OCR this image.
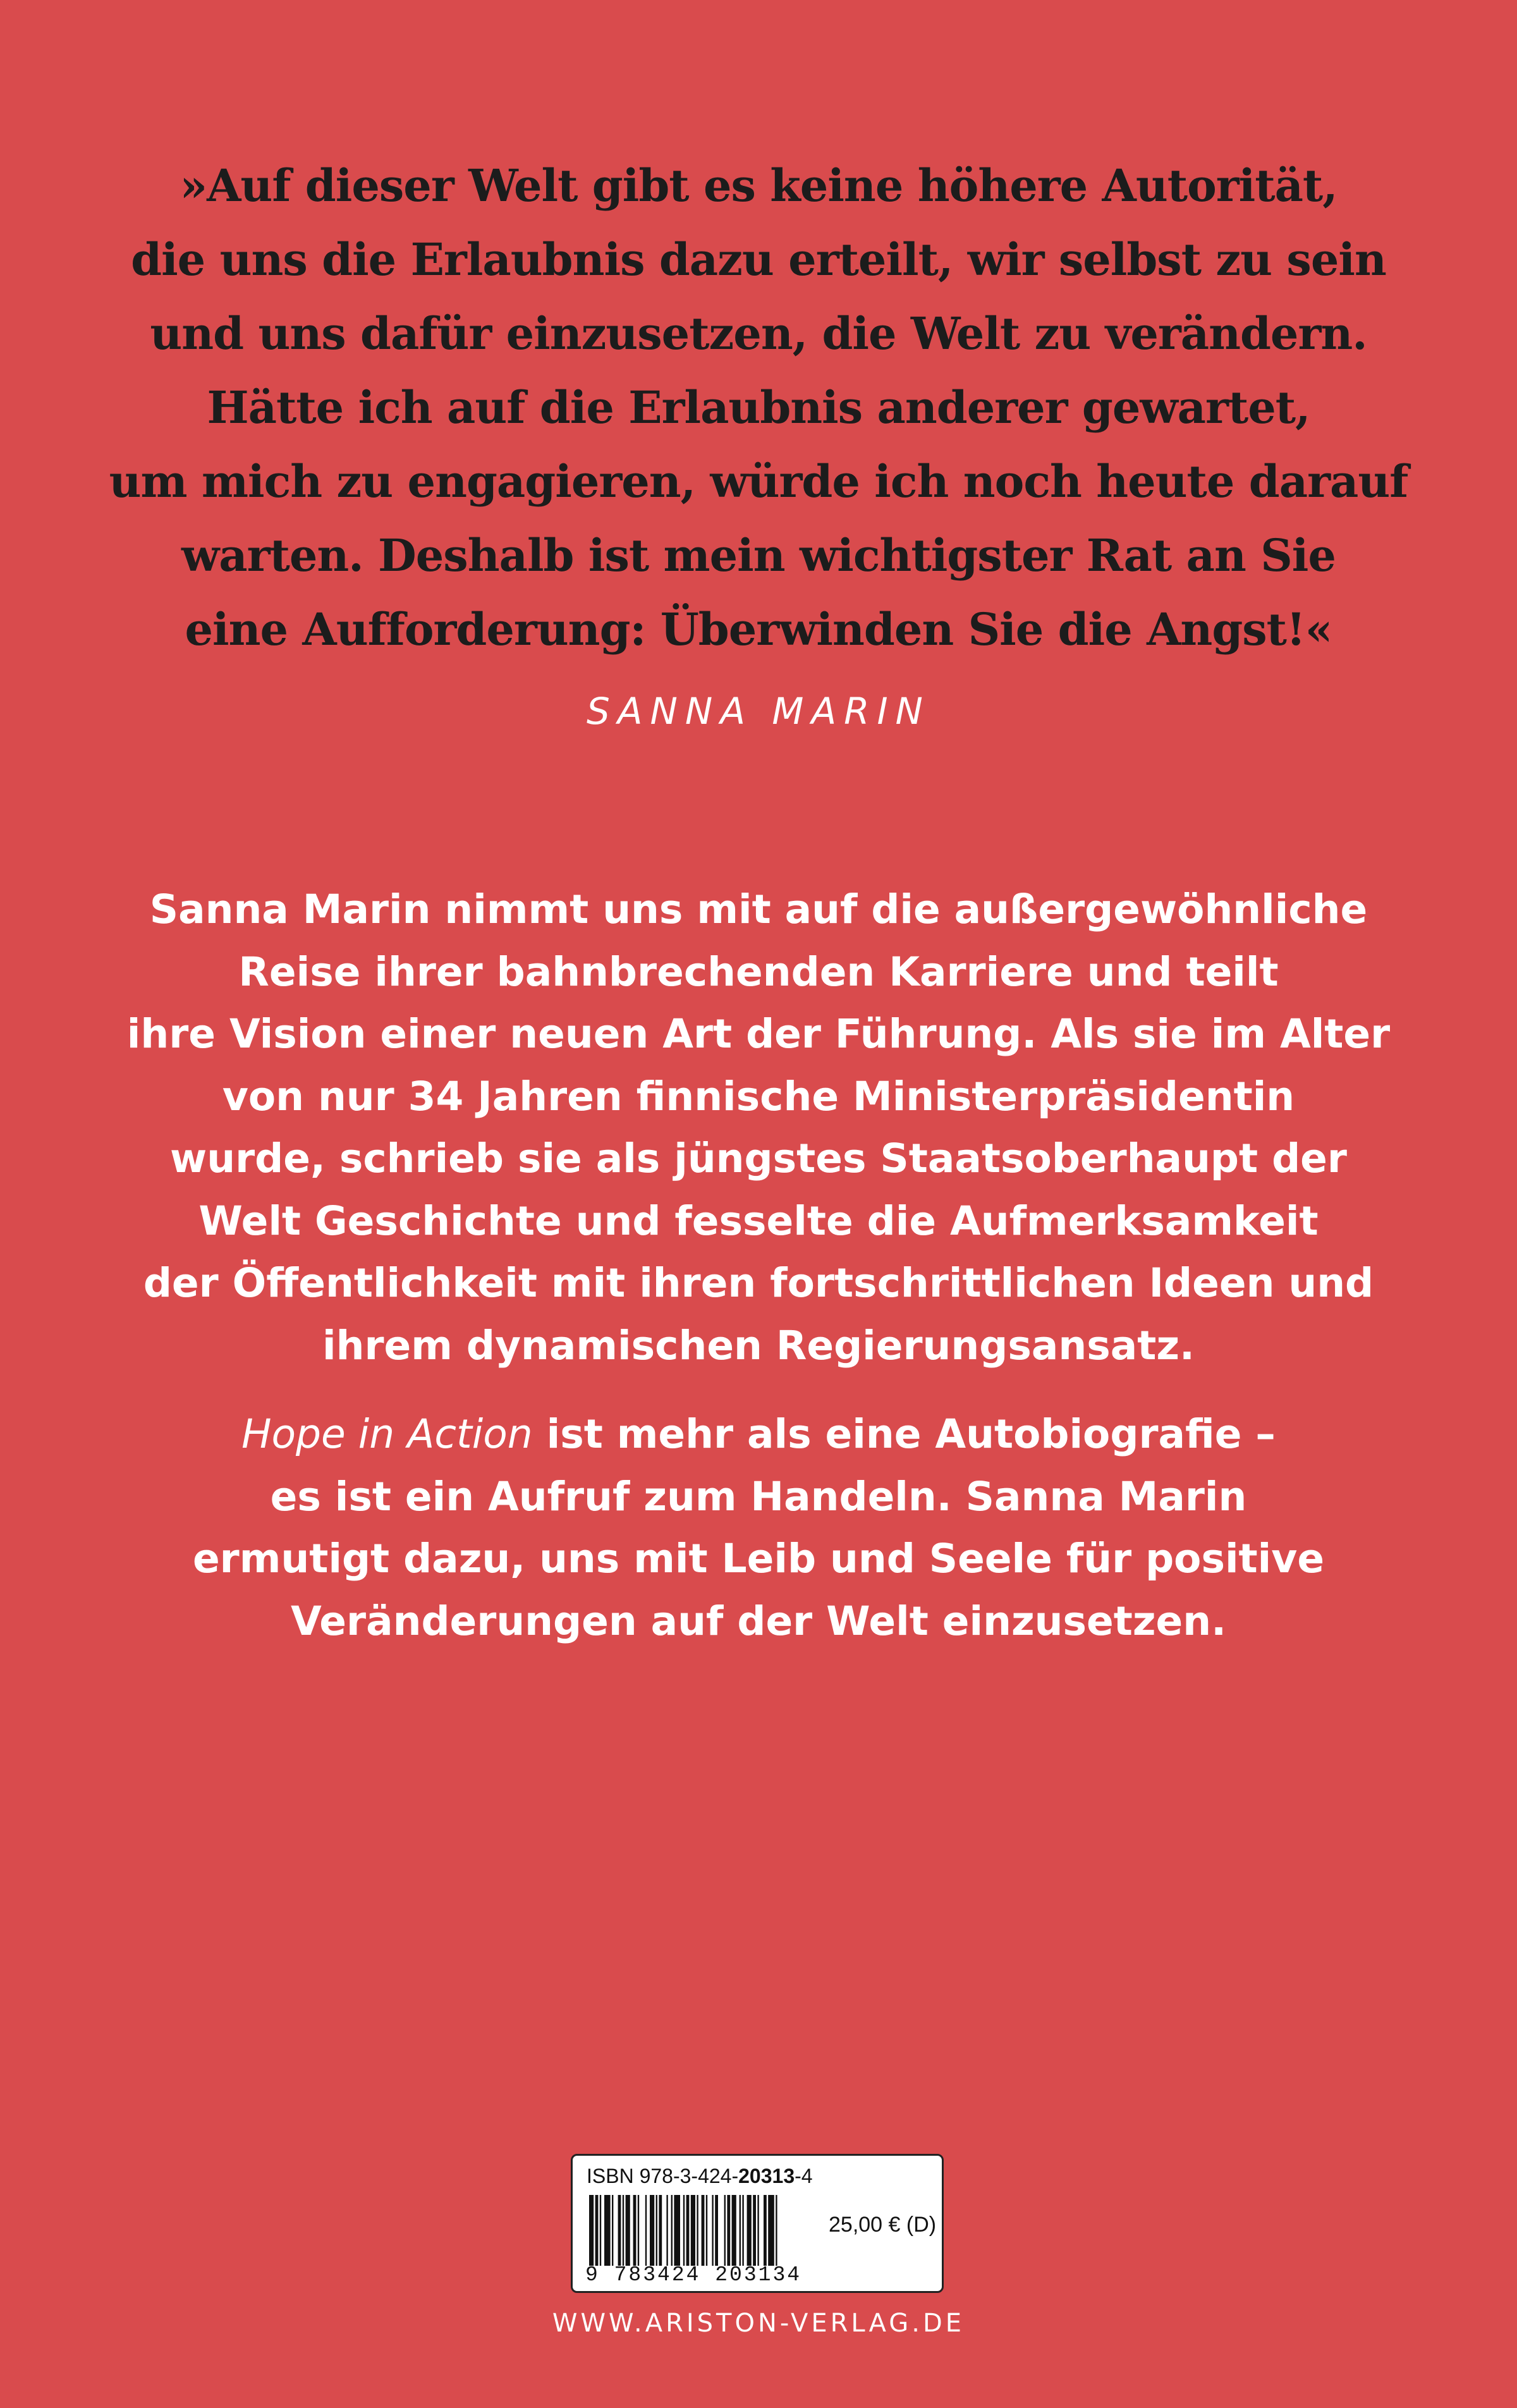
»Auf dieser Welt gibt es keine höhere Autorität,
die uns die Erlaubnis dazu erteilt, wir selbst zu sein
und uns dafür einzusetzen, die Welt zu verändern.
Hätte ich auf die Erlaubnis anderer gewartet,
um mich zu engagieren, würde ich noch heute darauf
warten. Deshalb ist mein wichtigster Rat an Sie
eine Aufforderung: Überwinden Sie die Angst!«
SANNA MARIN
Sanna Marin nimmt uns mit auf die außergewöhnliche
Reise ihrer bahnbrechenden Karriere und teilt
ihre Vision einer neuen Art der Führung. Als sie im Alter
von nur 34 Jahren finnische Ministerpräsidentin
wurde, schrieb sie als jüngstes Staatsoberhaupt der
Welt Geschichte und fesselte die Aufmerksamkeit
der Öffentlichkeit mit ihren fortschrittlichen Ideen und
ihrem dynamischen Regierungsansatz.
Hope in Action ist mehr als eine Autobiografie –
es ist ein Aufruf zum Handeln. Sanna Marin
ermutigt dazu, uns mit Leib und Seele für positive
Veränderungen auf der Welt einzusetzen.
ISBN 978-3-424-20313-4
25,00 € (D)
9 783424 203134
WWW.ARISTON-VERLAG.DE
